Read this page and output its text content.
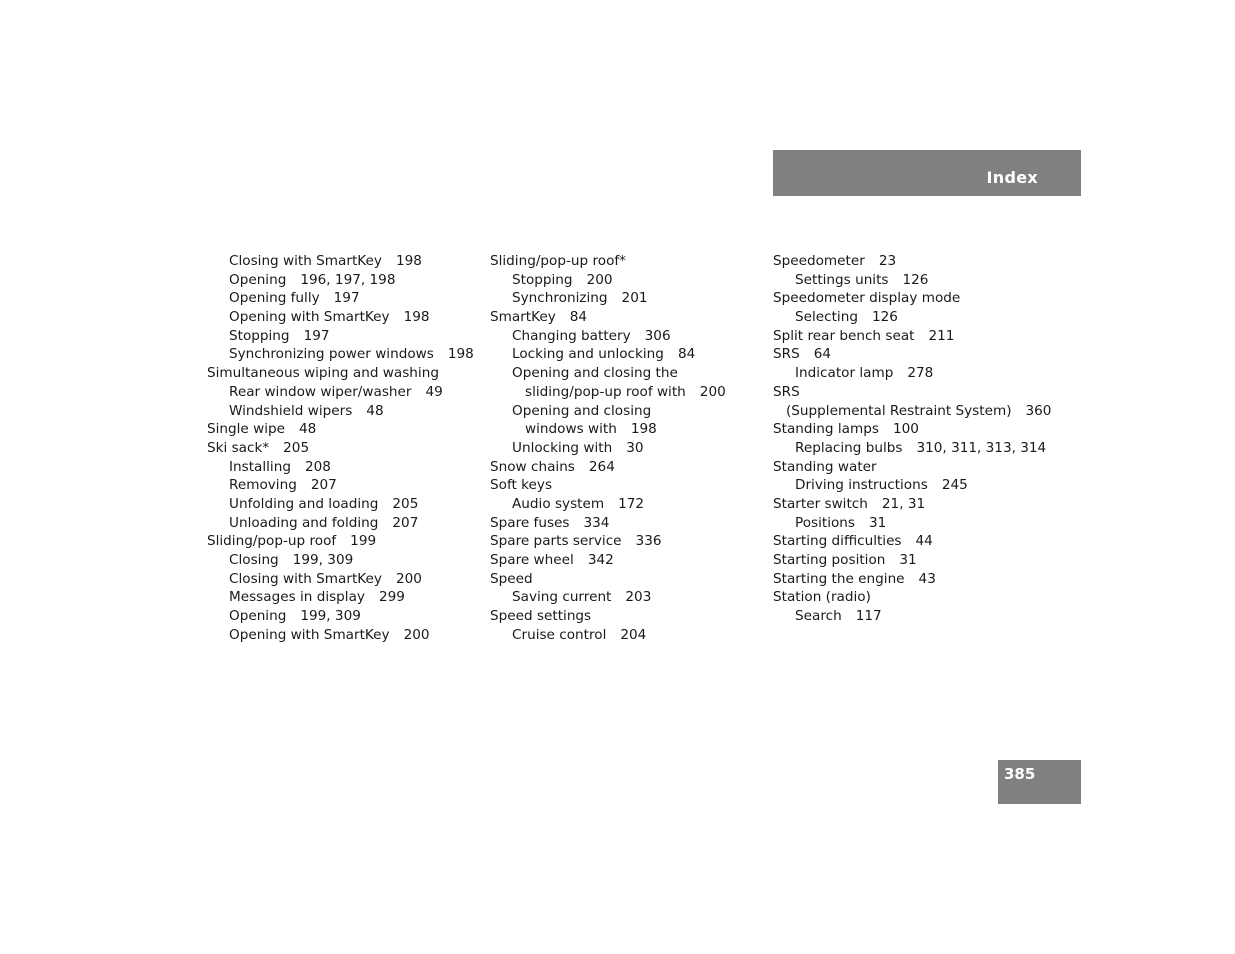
Index
Closing with SmartKey 198
Opening 196, 197, 198
Opening fully 197
Opening with SmartKey 198
Stopping 197
Synchronizing power windows 198
Simultaneous wiping and washing
Rear window wiper/washer 49
Windshield wipers 48
Single wipe 48
Ski sack* 205
Installing 208
Removing 207
Unfolding and loading 205
Unloading and folding 207
Sliding/pop-up roof 199
Closing 199, 309
Closing with SmartKey 200
Messages in display 299
Opening 199, 309
Opening with SmartKey 200
Sliding/pop-up roof*
Stopping 200
Synchronizing 201
SmartKey 84
Changing battery 306
Locking and unlocking 84
Opening and closing the
sliding/pop-up roof with 200
Opening and closing
windows with 198
Unlocking with 30
Snow chains 264
Soft keys
Audio system 172
Spare fuses 334
Spare parts service 336
Spare wheel 342
Speed
Saving current 203
Speed settings
Cruise control 204
Speedometer 23
Settings units 126
Speedometer display mode
Selecting 126
Split rear bench seat 211
SRS 64
Indicator lamp 278
SRS
(Supplemental Restraint System) 360
Standing lamps 100
Replacing bulbs 310, 311, 313, 314
Standing water
Driving instructions 245
Starter switch 21, 31
Positions 31
Starting difficulties 44
Starting position 31
Starting the engine 43
Station (radio)
Search 117
385
